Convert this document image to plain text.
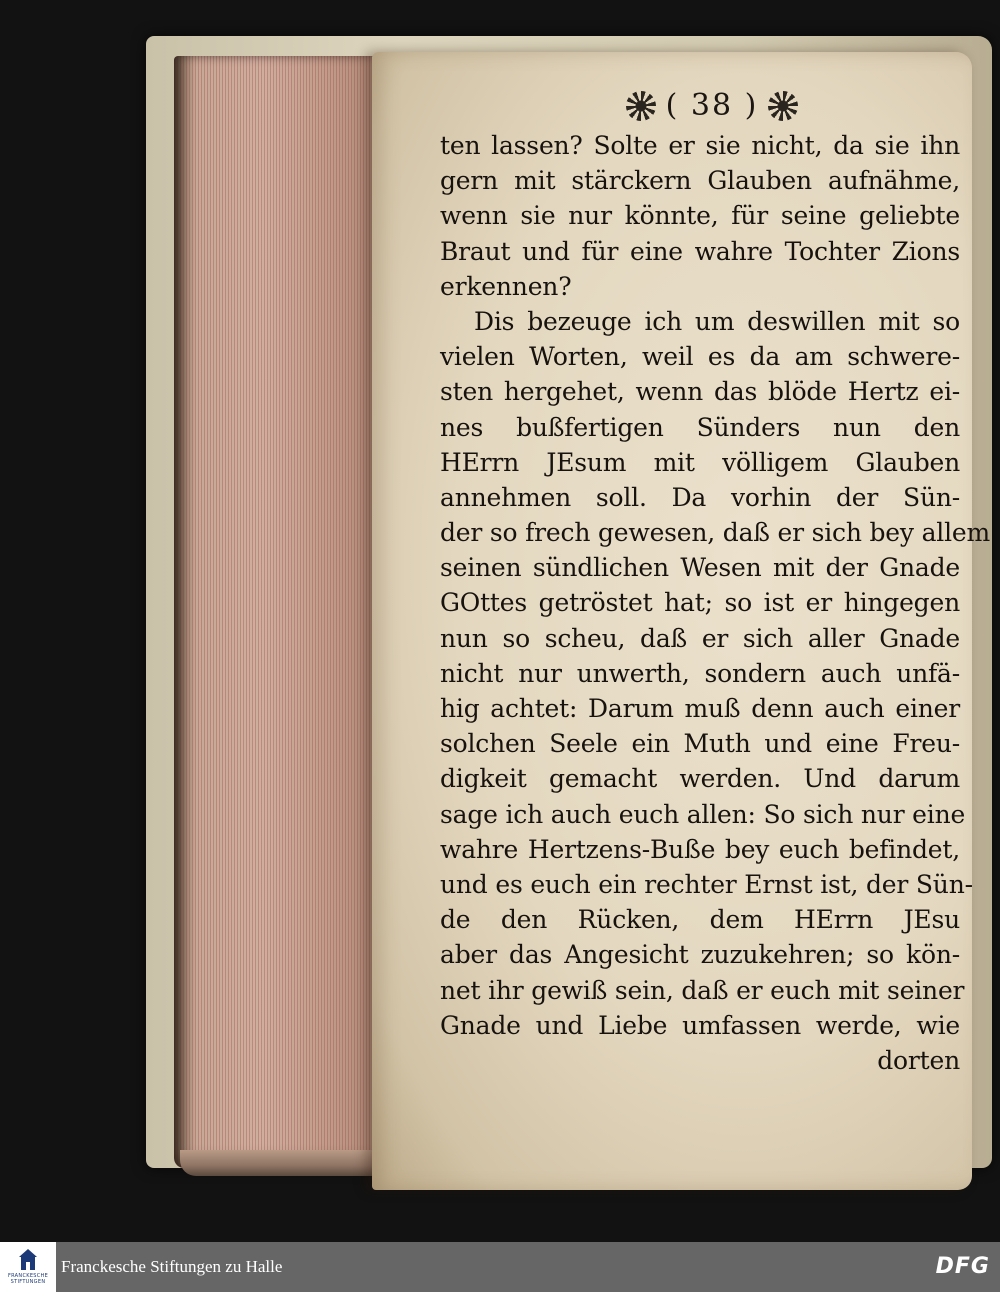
( 38 )
ten lassen? Solte er sie nicht, da sie ihn
gern mit stärckern Glauben aufnähme,
wenn sie nur könnte, für seine geliebte
Braut und für eine wahre Tochter Zions
erkennen?
Dis bezeuge ich um deswillen mit so
vielen Worten, weil es da am schwere-
sten hergehet, wenn das blöde Hertz ei-
nes bußfertigen Sünders nun den
HErrn JEsum mit völligem Glauben
annehmen soll. Da vorhin der Sün-
der so frech gewesen, daß er sich bey allem
seinen sündlichen Wesen mit der Gnade
GOttes getröstet hat; so ist er hingegen
nun so scheu, daß er sich aller Gnade
nicht nur unwerth, sondern auch unfä-
hig achtet: Darum muß denn auch einer
solchen Seele ein Muth und eine Freu-
digkeit gemacht werden. Und darum
sage ich auch euch allen: So sich nur eine
wahre Hertzens-Buße bey euch befindet,
und es euch ein rechter Ernst ist, der Sün-
de den Rücken, dem HErrn JEsu
aber das Angesicht zuzukehren; so kön-
net ihr gewiß sein, daß er euch mit seiner
Gnade und Liebe umfassen werde, wie
dorten
FRANCKESCHE STIFTUNGEN
Franckesche Stiftungen zu Halle	DFG
